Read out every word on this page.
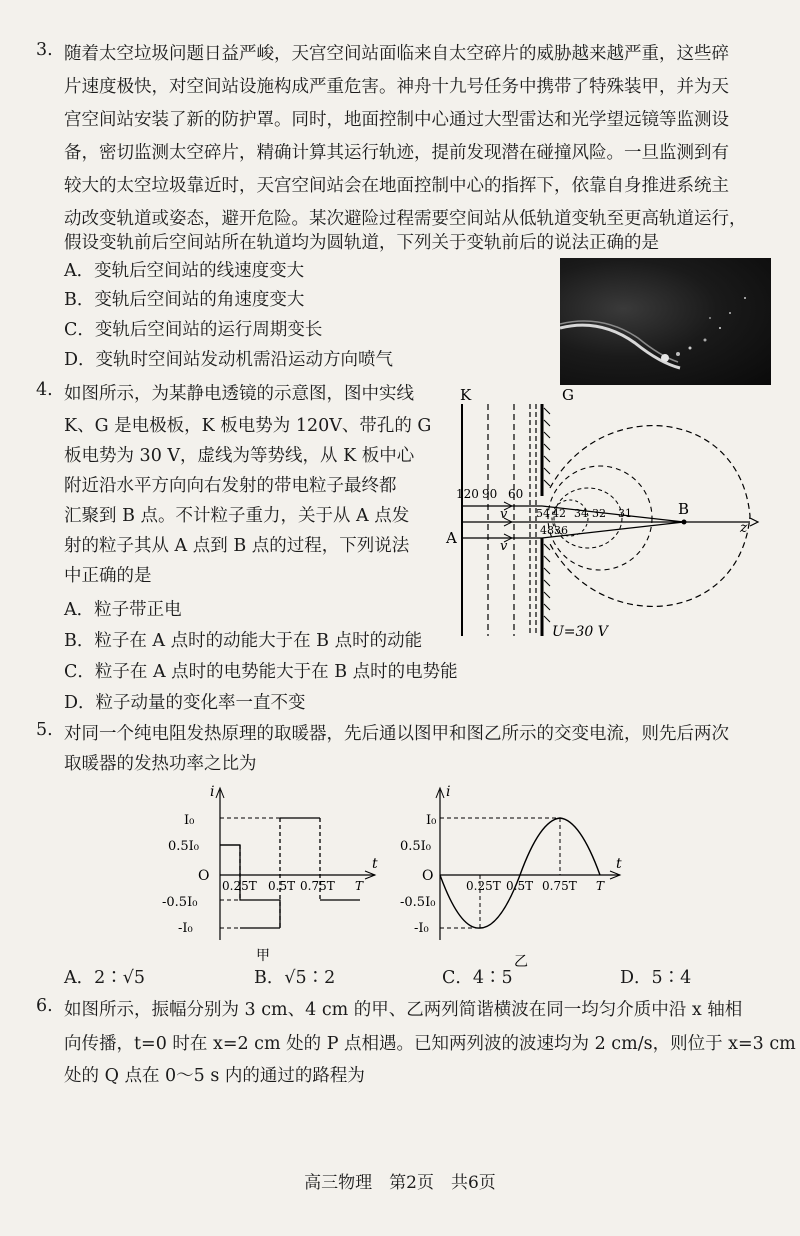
3. 随着太空垃圾问题日益严峻，天宫空间站面临来自太空碎片的威胁越来越严重，这些碎
片速度极快，对空间站设施构成严重危害。神舟十九号任务中携带了特殊装甲，并为天
宫空间站安装了新的防护罩。同时，地面控制中心通过大型雷达和光学望远镜等监测设
备，密切监测太空碎片，精确计算其运行轨迹，提前发现潜在碰撞风险。一旦监测到有
较大的太空垃圾靠近时，天宫空间站会在地面控制中心的指挥下，依靠自身推进系统主
动改变轨道或姿态，避开危险。某次避险过程需要空间站从低轨道变轨至更高轨道运行，
假设变轨前后空间站所在轨道均为圆轨道，下列关于变轨前后的说法正确的是
A．变轨后空间站的线速度变大
B．变轨后空间站的角速度变大
C．变轨后空间站的运行周期变长
D．变轨时空间站发动机需沿运动方向喷气
4. 如图所示，为某静电透镜的示意图，图中实线
K、G 是电极板，K 板电势为 120V、带孔的 G
板电势为 30 V，虚线为等势线，从 K 板中心
附近沿水平方向向右发射的带电粒子最终都
汇聚到 B 点。不计粒子重力，关于从 A 点发
射的粒子其从 A 点到 B 点的过程，下列说法
中正确的是
A．粒子带正电
B．粒子在 A 点时的动能大于在 B 点时的动能
C．粒子在 A 点时的电势能大于在 B 点时的电势能
D．粒子动量的变化率一直不变
K	G
z
v
v
B
A
120 90 60
54 42 34 32 31
48 36
U=30 V
5. 对同一个纯电阻发热原理的取暖器，先后通以图甲和图乙所示的交变电流，则先后两次
取暖器的发热功率之比为
i
t
O
I₀
0.5I₀
-0.5I₀
-I₀
0.25T 0.5T 0.75T T
甲
i
t
O
I₀
0.5I₀
-0.5I₀
-I₀
0.25T 0.5T 0.75T T
乙
A．2∶√5	B．√5∶2	C．4∶5	D．5∶4
6. 如图所示，振幅分别为 3 cm、4 cm 的甲、乙两列简谐横波在同一均匀介质中沿 x 轴相
向传播，t=0 时在 x=2 cm 处的 P 点相遇。已知两列波的波速均为 2 cm/s，则位于 x=3 cm
处的 Q 点在 0～5 s 内的通过的路程为
高三物理　第2页　共6页
